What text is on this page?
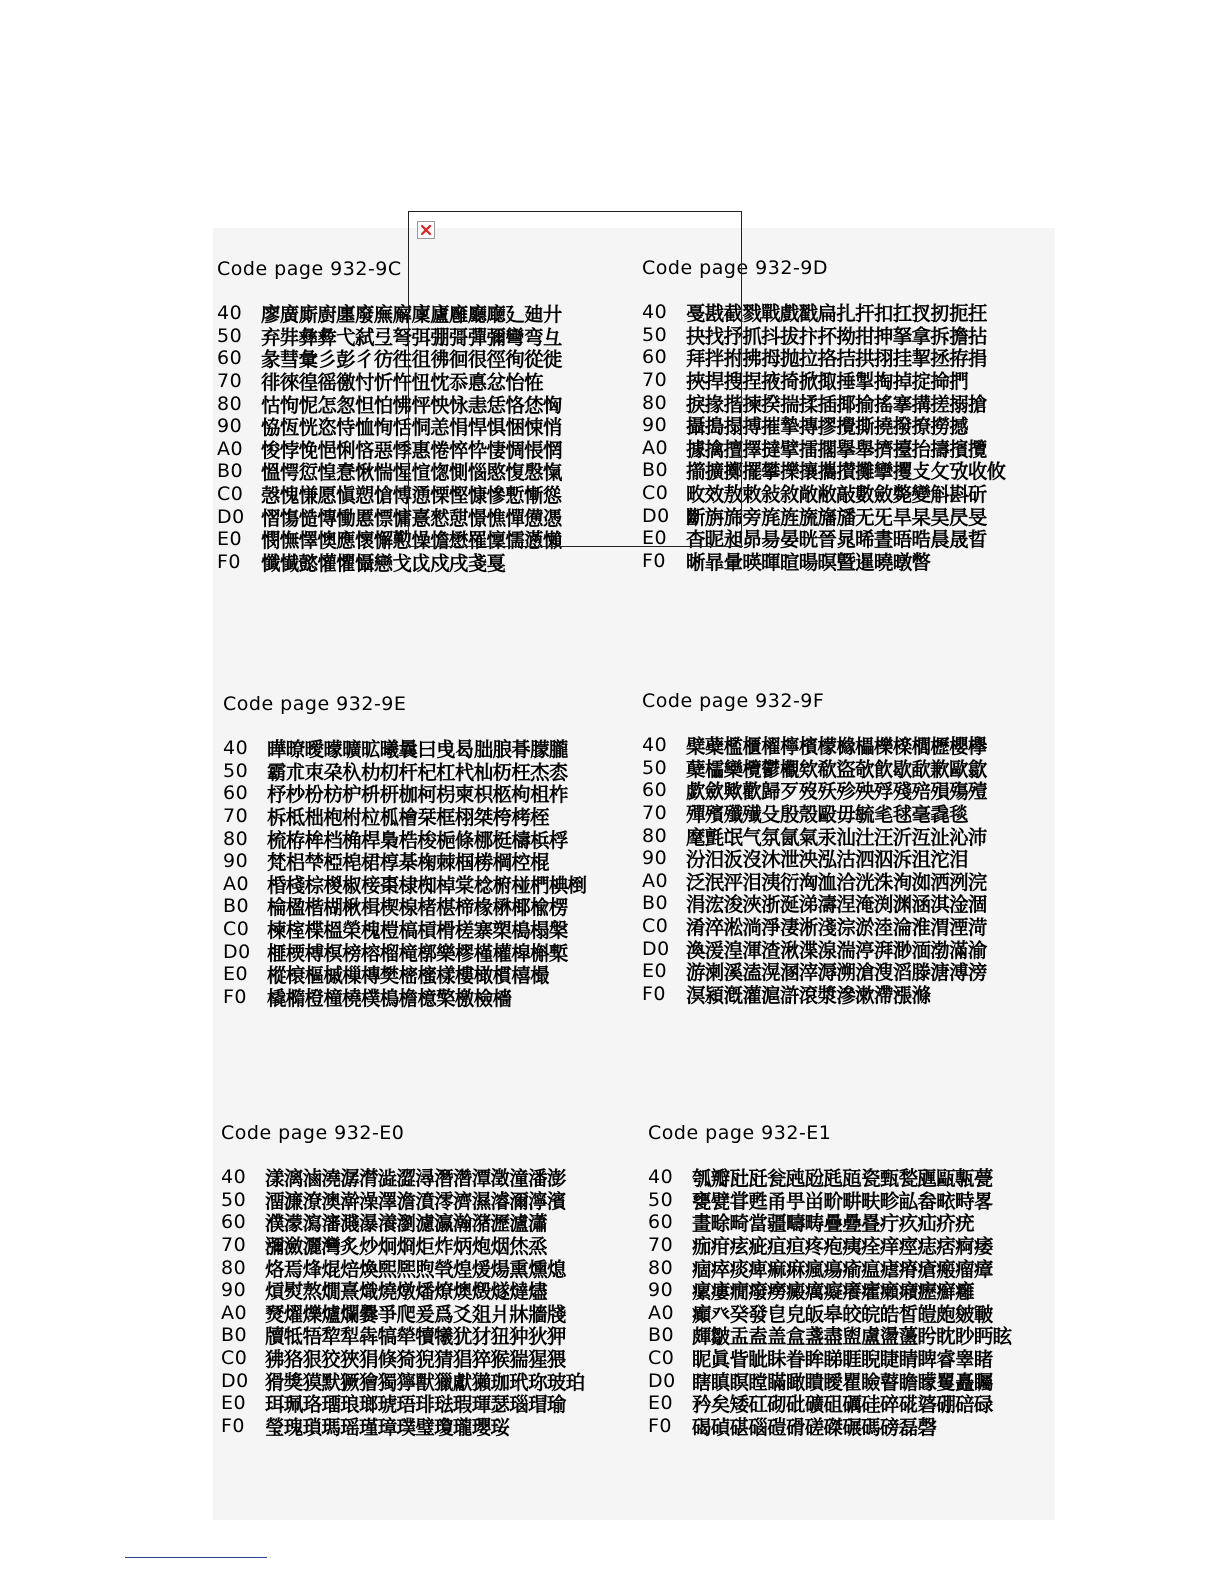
Code page 932-9C
40 廖廣廝廚廛廢廡廨廩廬廱廳廰廴廸廾
50 弃弉彝彜弋弑弖弩弭弸彁彈彌彎弯彑
60 彖彗彙彡彭彳彷徃徂彿徊很徑徇從徙
70 徘徠徨徭徼忖忻忤忸忱忝悳忿怡恠
80 怙怐怩怎怱怛怕怫怦怏怺恚恁恪恷恟
90 恊恆恍恣恃恤恂恬恫恙悁悍惧悃悚悄
A0 悛悖悗悒悧悋惡悸惠惓悴忰悽惆悵惘
B0 慍愕愆惶惷愀惴惺愃愡惻惱愍愎慇愾
C0 愨愧慊愿愼愬愴愽慂慄慳慷慘慙慚慫
D0 慴慯慥慱慟慝慓慵憙憖憇憬憔憚憊憑
E0 憫憮懌懊應懷懈懃懆憺懋罹懍懦懣懶
F0	懺懴懿懽懼懾戀戈戉戍戌戔戛
Code page 932-9D
40 戞戡截戮戰戲戳扁扎扞扣扛扠扨扼抂
50 抉找抒抓抖拔抃抔拗拑抻拏拿拆擔拈
60 拜拌拊拂拇抛拉挌拮拱挧挂挈拯拵捐
70 挾捍搜捏掖掎掀掫捶掣掏掉掟掵捫
80 捩掾揩揀揆揣揉插揶揄搖搴搆搓搦搶
90 攝搗搨搏摧摯摶摎攪撕撓撥撩撈撼
A0 據擒擅擇撻擘擂擱擧舉擠擡抬擣擯攬
B0 擶擴擲擺攀擽攘攜攅攤攣攫攴攵攷收攸
C0 畋效敖敕敍敘敞敝敲數斂斃變斛斟斫
D0 斷旃旆旁旄旌旒旛旙无旡旱杲昊昃旻
E0 杳昵昶昴昜晏晄晉晁晞晝晤晧晨晟晢
F0	晰暃暈暎暉暄暘暝曁暹曉暾暼
Code page 932-9E
40 曄暸曖曚曠昿曦曩曰曵曷朏朖朞朦朧
50 霸朮朿朶杁朸朷杆杞杠杙杣杤枉杰枩
60 杼杪枌枋枦枡枅枷柯枴柬枳柩枸柤柞
70 柝柢柮枹柎柆柧檜栞框栩桀桍栲桎
80 梳栫桙档桷桿梟梏梭梔條梛梃檮梹桴
90 梵梠梺椏梍桾椁棊椈棘椢椦棡椌棍
A0 棔棧棕椶椒椄棗棣椥棹棠棯椨椪椚椣椡
B0 棆楹楷楜楸楫楔楾楮椹楴椽楙椰楡楞
C0 楝榁楪榲榮槐榿槁槓榾槎寨槊槝榻槃
D0 榧樮榑榠榜榕榴槞槨樂樛槿權槹槲槧
E0 樅榱樞槭樔槫樊樒櫁樣樓橄樌橲樶
F0	橇橢橙橦橈樸樢檐檍檠檄檢檣
Code page 932-9F
40 檗蘗檻櫃櫂檸檳檬櫞櫑櫟檪櫚櫪櫻欅
50 蘖櫺欒欖鬱欟欸欷盜欹飮歇歃歉歐歙
60 歔歛歟歡歸歹歿殀殄殃殍殘殕殞殤殪
70 殫殯殲殱殳殷殼毆毋毓毟毬毫毳毯
80 麾氈氓气氛氤氣汞汕汢汪沂沍沚沁沛
90 汾汨汳沒沐泄泱泓沽泗泅泝沮沱泪
A0 泛泯泙泪洟衍洶洫洽洸洙洵洳洒洌浣
B0 涓浤浚浹浙涎涕濤涅淹渕渊涵淇淦涸
C0 淆淬淞淌淨淒淅淺淙淤淕淪淮渭湮渮
D0 渙湲湟渾渣湫渫湶湍渟湃渺湎渤滿渝
E0 游溂溪溘滉溷滓溽溯滄溲滔滕溏溥滂
F0	溟潁漑灌滬滸滾漿滲漱滯漲滌
Code page 932-E0
40 漾漓滷澆潺潸澁澀潯潛濳潭澂潼潘澎
50 澑濂潦澳澣澡澤澹濆澪濟濕濬濔濘濱
60 濮濛瀉瀋濺瀑瀁瀏濾瀛瀚潴瀝瀘瀟
70 瀰瀲灑灣炙炒炯烱炬炸炳炮烟烋烝
80 烙焉烽焜焙煥煕熈煦煢煌煖煬熏燻熄
90 熕熨熬燗熹熾燒燉燔燎燠燬燧燵燼
A0 燹燿爍爐爛爨爭爬爰爲爻爼爿牀牆牋
B0 牘牴牾犂犁犇犒犖犢犧犹犲狃狆狄狎
C0 狒狢狠狡狹狷倏猗猊猜猖猝猴猯猩猥
D0 猾獎獏默獗獪獨獰獸獵獻獺珈玳珎玻珀
E0 珥珮珞璢琅瑯琥珸琲琺瑕琿瑟瑙瑁瑜
F0	瑩瑰瑣瑪瑶瑾璋璞璧瓊瓏瓔珱
Code page 932-E1
40 瓠瓣瓧瓩瓮瓲瓰瓱瓸瓷甄甃甅甌甎甍
50 甕甓甞甦甬甼畄畍畊畉畛畆畚畩畤畧
60 畫畭畸當疆疇畴疊疉疂疔疚疝疥疣
70 痂疳痃疵疽疸疼疱痍痊痒痙痣痞痾痿
80 痼瘁痰痺痲痳瘋瘍瘉瘟瘧瘠瘡瘢瘤瘴
90 瘰瘻癇癈癆癜癘癡癢癨癩癪癧癬癰
A0 癲癶癸發皀皃皈皋皎皖皓皙皚皰皴皸
B0 皹皺盂盍盖盒盞盡盥盧盪蘯盻眈眇眄眩
C0 眤眞眥眦眛眷眸睇睚睨睫睛睥睿睾睹
D0 瞎瞋瞑瞠瞞瞰瞶瞹瞿瞼瞽瞻矇矍矗矚
E0 矜矣矮矼砌砒礦砠礪硅碎硴碆硼碚碌
F0	碣碵碪碯磑磆磋磔碾碼磅磊磬
